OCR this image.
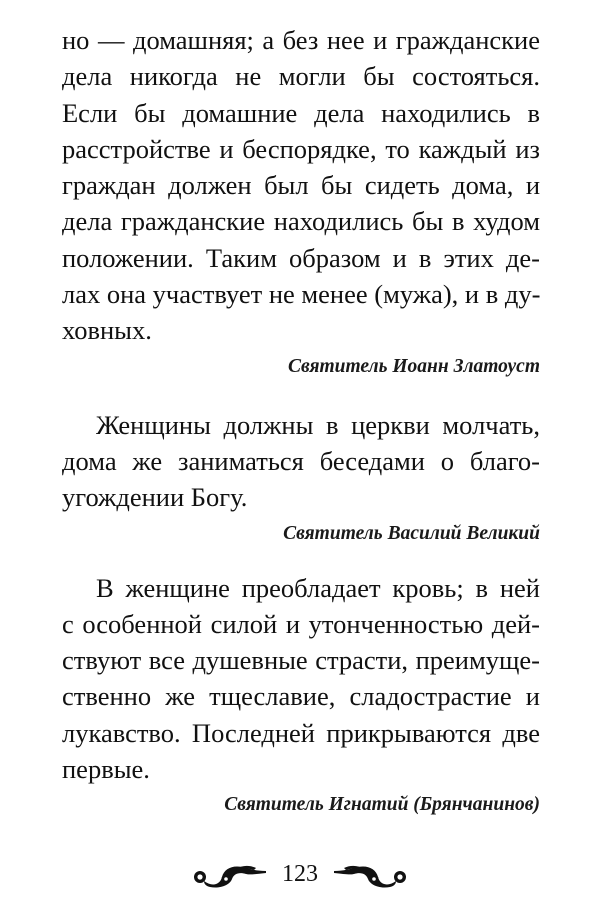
но — домашняя; а без нее и гражданские
дела никогда не могли бы состояться.
Если бы домашние дела находились в
расстройстве и беспорядке, то каждый из
граждан должен был бы сидеть дома, и
дела гражданские находились бы в худом
положении. Таким образом и в этих де-
лах она участвует не менее (мужа), и в ду-
ховных.
Святитель Иоанн Златоуст
Женщины должны в церкви молчать,
дома же заниматься беседами о благо-
угождении Богу.
Святитель Василий Великий
В женщине преобладает кровь; в ней
с особенной силой и утонченностью дей-
ствуют все душевные страсти, преимуще-
ственно же тщеславие, сладострастие и
лукавство. Последней прикрываются две
первые.
Святитель Игнатий (Брянчанинов)
123
